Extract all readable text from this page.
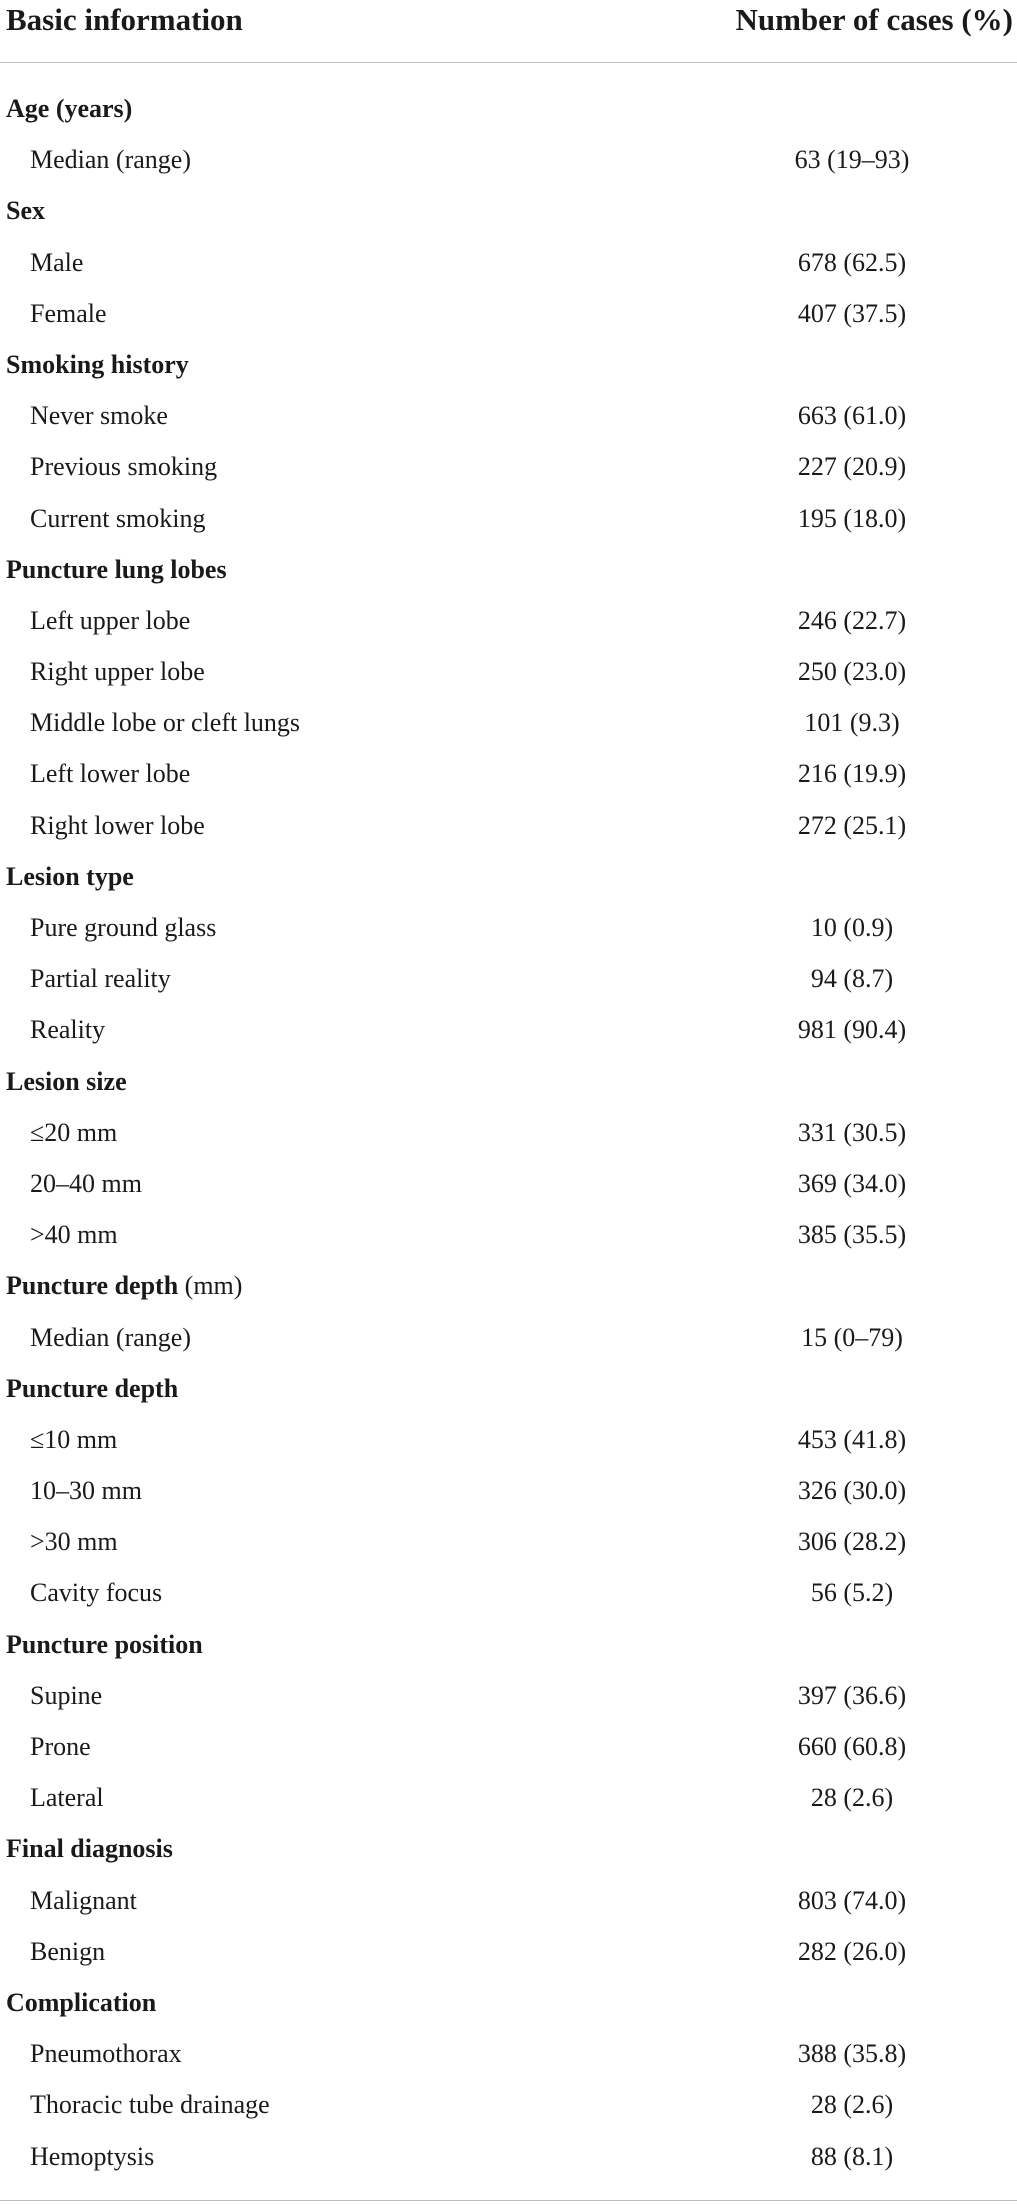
Basic information	Number of cases (%)
Age (years)
Median (range)	63 (19–93)
Sex
Male	678 (62.5)
Female	407 (37.5)
Smoking history
Never smoke	663 (61.0)
Previous smoking	227 (20.9)
Current smoking	195 (18.0)
Puncture lung lobes
Left upper lobe	246 (22.7)
Right upper lobe	250 (23.0)
Middle lobe or cleft lungs	101 (9.3)
Left lower lobe	216 (19.9)
Right lower lobe	272 (25.1)
Lesion type
Pure ground glass	10 (0.9)
Partial reality	94 (8.7)
Reality	981 (90.4)
Lesion size
≤20 mm	331 (30.5)
20–40 mm	369 (34.0)
>40 mm	385 (35.5)
Puncture depth (mm)
Median (range)	15 (0–79)
Puncture depth
≤10 mm	453 (41.8)
10–30 mm	326 (30.0)
>30 mm	306 (28.2)
Cavity focus	56 (5.2)
Puncture position
Supine	397 (36.6)
Prone	660 (60.8)
Lateral	28 (2.6)
Final diagnosis
Malignant	803 (74.0)
Benign	282 (26.0)
Complication
Pneumothorax	388 (35.8)
Thoracic tube drainage	28 (2.6)
Hemoptysis	88 (8.1)
